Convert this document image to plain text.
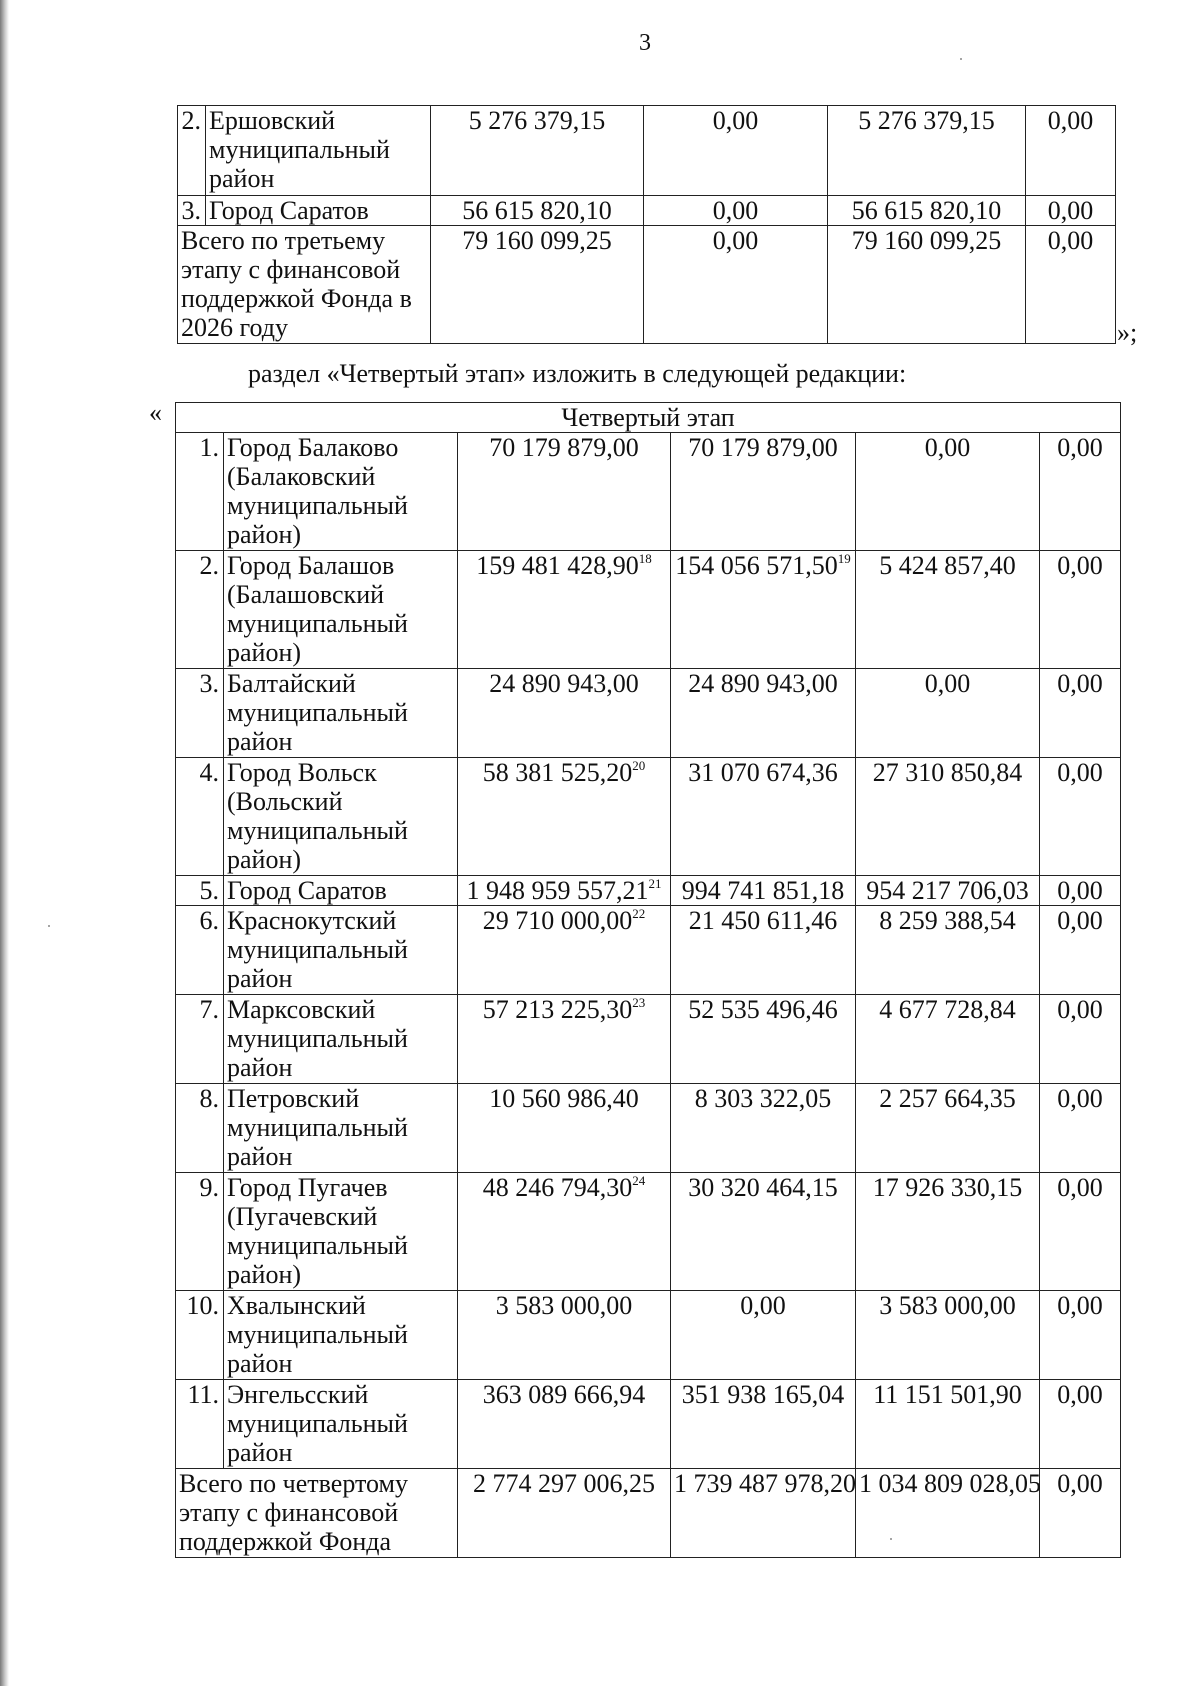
3
2.	Ершовский муниципальный район	5 276 379,15	0,00	5 276 379,15	0,00
3.	Город Саратов	56 615 820,10	0,00	56 615 820,10	0,00
Всего по третьему этапу с финансовой поддержкой Фонда в 2026 году		79 160 099,25	0,00	79 160 099,25	0,00
»;
раздел «Четвертый этап» изложить в следующей редакции:
«	Четвертый этап					
1.	Город Балаково (Балаковский муниципальный район)	70 179 879,00	70 179 879,00	0,00	0,00
2.	Город Балашов (Балашовский муниципальный район)	159 481 428,90$^{18}$	154 056 571,50$^{19}$	5 424 857,40	0,00
3.	Балтайский муниципальный район	24 890 943,00	24 890 943,00	0,00	0,00
4.	Город Вольск (Вольский муниципальный район)	58 381 525,20$^{20}$	31 070 674,36	27 310 850,84	0,00
5.	Город Саратов	1 948 959 557,21$^{21}$	994 741 851,18	954 217 706,03	0,00
6.	Краснокутский муниципальный район	29 710 000,00$^{22}$	21 450 611,46	8 259 388,54	0,00
7.	Марксовский муниципальный район	57 213 225,30$^{23}$	52 535 496,46	4 677 728,84	0,00
8.	Петровский муниципальный район	10 560 986,40	8 303 322,05	2 257 664,35	0,00
9.	Город Пугачев (Пугачевский муниципальный район)	48 246 794,30$^{24}$	30 320 464,15	17 926 330,15	0,00
10.	Хвалынский муниципальный район	3 583 000,00	0,00	3 583 000,00	0,00
11.	Энгельсский муниципальный район	363 089 666,94	351 938 165,04	11 151 501,90	0,00
Всего по четвертому этапу с финансовой поддержкой Фонда		2 774 297 006,25	1 739 487 978,20	1 034 809 028,05	0,00
